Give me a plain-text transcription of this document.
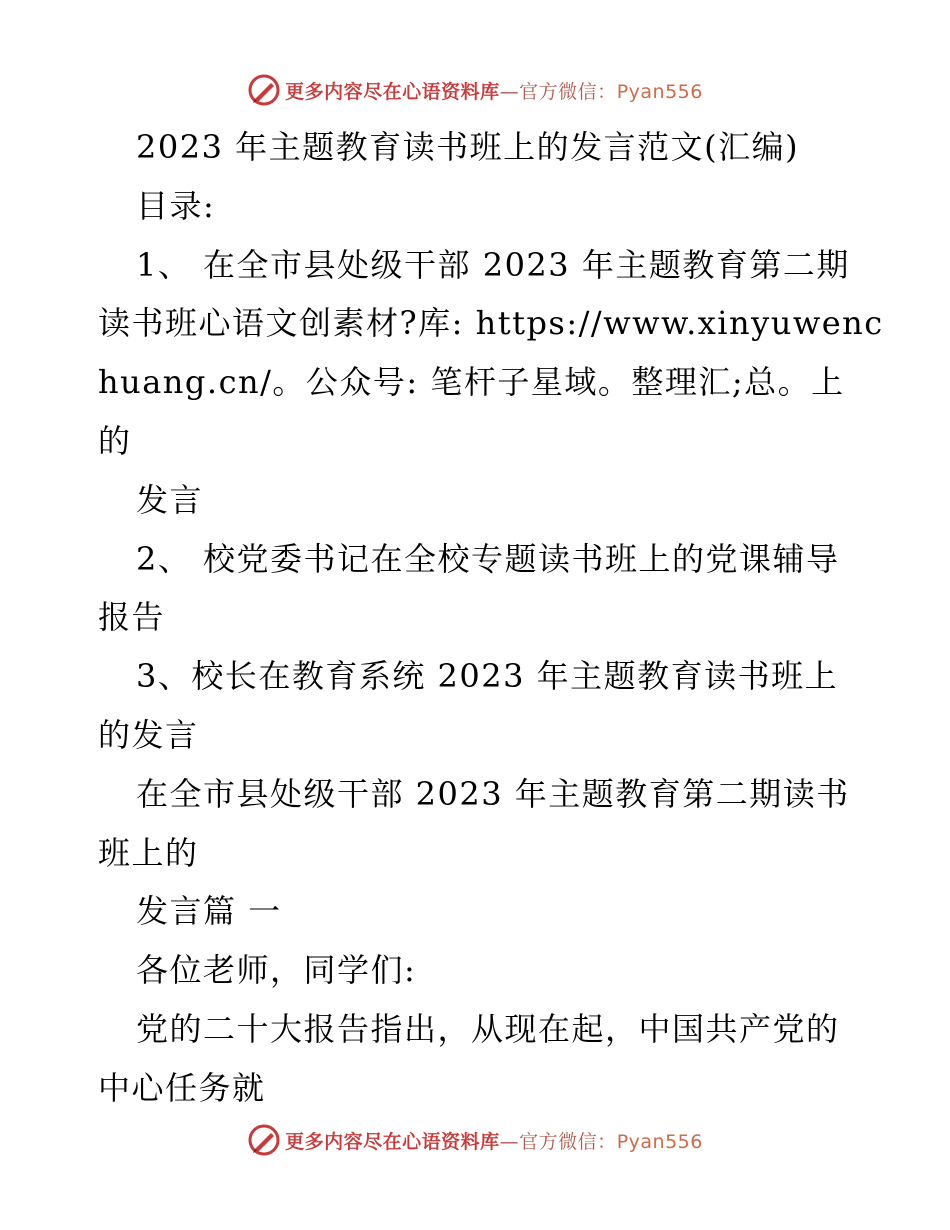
更多内容尽在心语资料库—官方微信：Pyan556
2023 年主题教育读书班上的发言范文(汇编)
目录:
1、 在全市县处级干部 2023 年主题教育第二期
读书班心语文创素材?库: https://www.xinyuwenc
huang.cn/。公众号: 笔杆子星域。整理汇;总。上
的
发言
2、 校党委书记在全校专题读书班上的党课辅导
报告
3、校长在教育系统 2023 年主题教育读书班上
的发言
在全市县处级干部 2023 年主题教育第二期读书
班上的
发言篇 一
各位老师，同学们:
党的二十大报告指出，从现在起，中国共产党的
中心任务就
更多内容尽在心语资料库—官方微信：Pyan556
